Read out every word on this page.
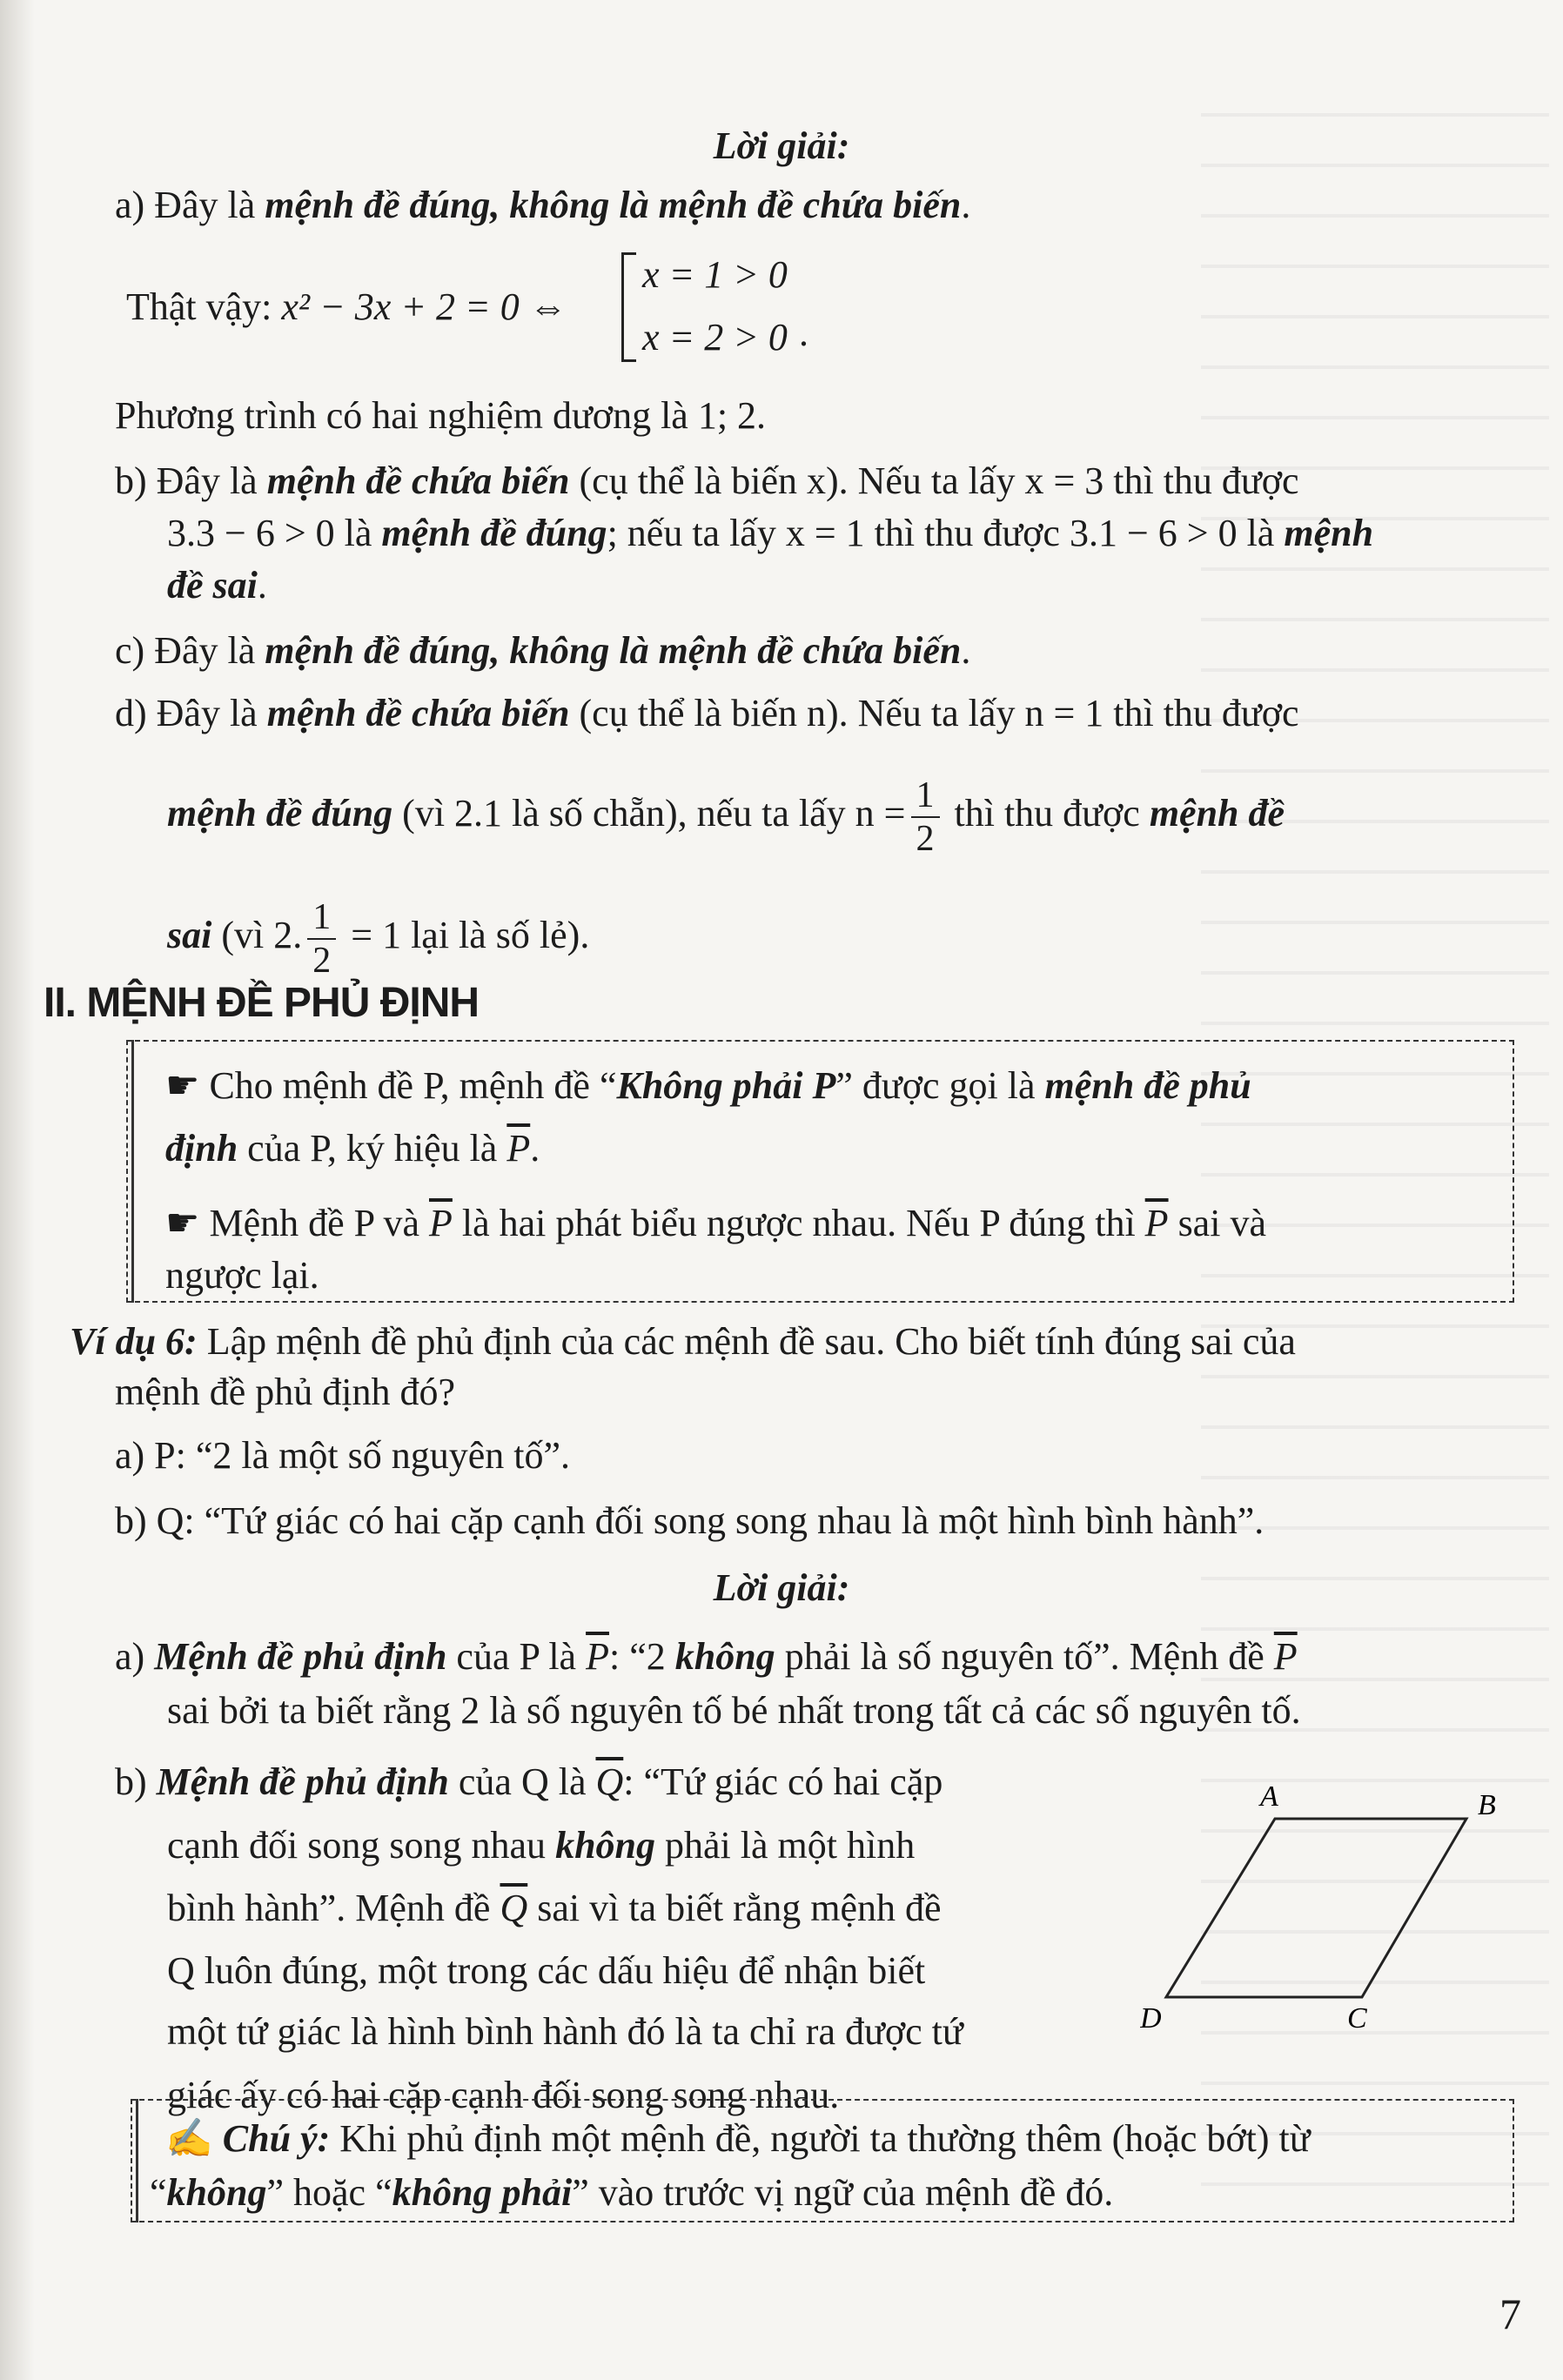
Lời giải:
a) Đây là mệnh đề đúng, không là mệnh đề chứa biến.
Thật vậy: x² − 3x + 2 = 0 ⇔
x = 1 > 0
x = 2 > 0 .
Phương trình có hai nghiệm dương là 1; 2.
b) Đây là mệnh đề chứa biến (cụ thể là biến x). Nếu ta lấy x = 3 thì thu được
3.3 − 6 > 0 là mệnh đề đúng; nếu ta lấy x = 1 thì thu được 3.1 − 6 > 0 là mệnh
đề sai.
c) Đây là mệnh đề đúng, không là mệnh đề chứa biến.
d) Đây là mệnh đề chứa biến (cụ thể là biến n). Nếu ta lấy n = 1 thì thu được
mệnh đề đúng (vì 2.1 là số chẵn), nếu ta lấy $n = \frac{1}{2}$ thì thu được mệnh đề
sai (vì 2. $\frac{1}{2} = 1$ lại là số lẻ).
II. MỆNH ĐỀ PHỦ ĐỊNH
☛ Cho mệnh đề P, mệnh đề “Không phải P” được gọi là mệnh đề phủ
định của P, ký hiệu là $\overline{P}$.
☛ Mệnh đề P và $\overline{P}$ là hai phát biểu ngược nhau. Nếu P đúng thì $\overline{P}$ sai và
ngược lại.
Ví dụ 6: Lập mệnh đề phủ định của các mệnh đề sau. Cho biết tính đúng sai của
mệnh đề phủ định đó?
a) P: “2 là một số nguyên tố”.
b) Q: “Tứ giác có hai cặp cạnh đối song song nhau là một hình bình hành”.
Lời giải:
a) Mệnh đề phủ định của P là $\overline{P}$: “2 không phải là số nguyên tố”. Mệnh đề $\overline{P}$
sai bởi ta biết rằng 2 là số nguyên tố bé nhất trong tất cả các số nguyên tố.
b) Mệnh đề phủ định của Q là $\overline{Q}$: “Tứ giác có hai cặp
cạnh đối song song nhau không phải là một hình
bình hành”. Mệnh đề $\overline{Q}$ sai vì ta biết rằng mệnh đề
Q luôn đúng, một trong các dấu hiệu để nhận biết
một tứ giác là hình bình hành đó là ta chỉ ra được tứ
giác ấy có hai cặp cạnh đối song song nhau.
A	B
C
D
✍ Chú ý: Khi phủ định một mệnh đề, người ta thường thêm (hoặc bớt) từ
“không” hoặc “không phải” vào trước vị ngữ của mệnh đề đó.
7
